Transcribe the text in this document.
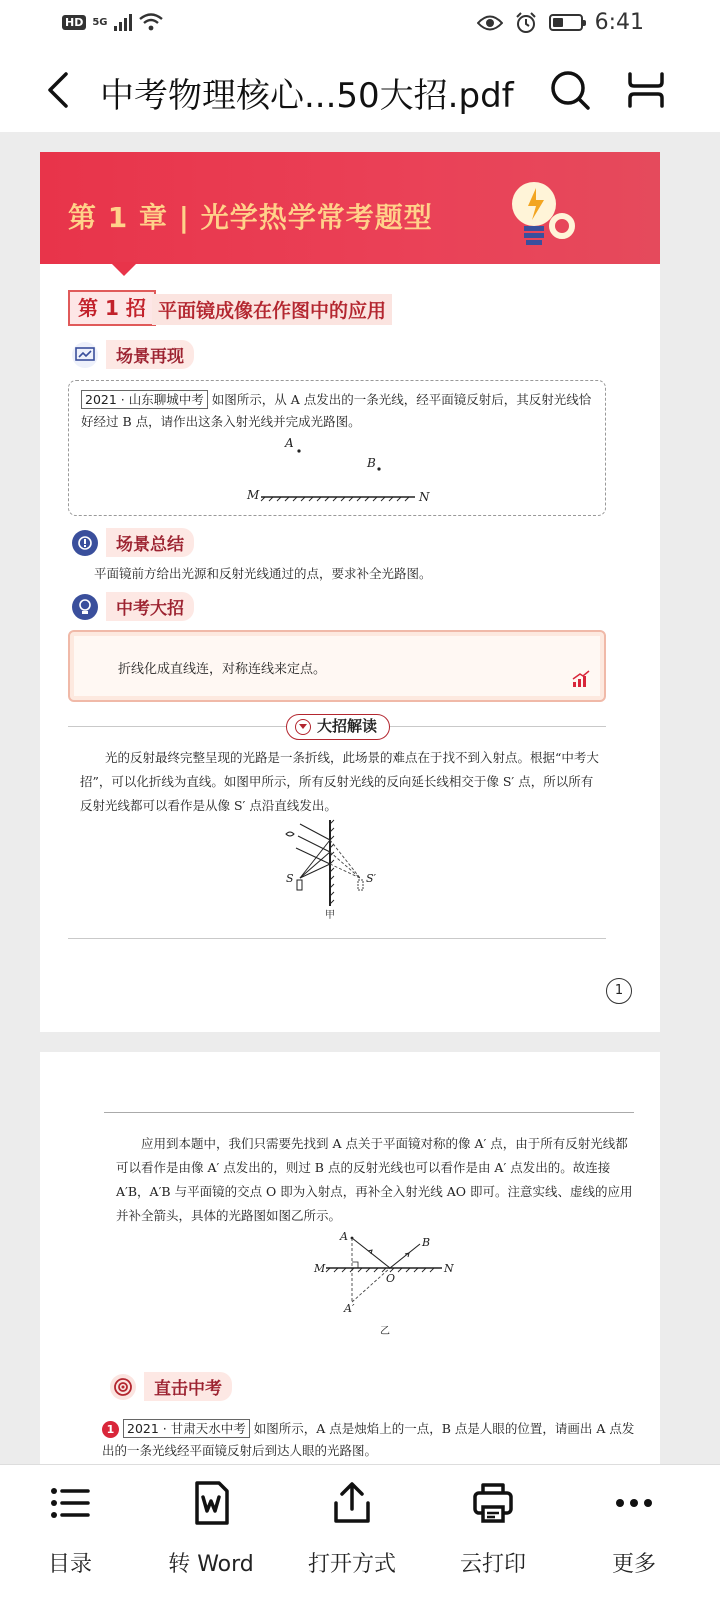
HD 5G	6:41
中考物理核心...50大招.pdf
第 1 章 | 光学热学常考题型
第 1 招 平面镜成像在作图中的应用
场景再现
2021 · 山东聊城中考 如图所示，从 A 点发出的一条光线，经平面镜反射后，其反射光线恰好经过 B 点，请作出这条入射光线并完成光路图。
A
B
M	N
场景总结
平面镜前方给出光源和反射光线通过的点，要求补全光路图。
中考大招
折线化成直线连，对称连线来定点。
大招解读
光的反射最终完整呈现的光路是一条折线，此场景的难点在于找不到入射点。根据“中考大招”，可以化折线为直线。如图甲所示，所有反射光线的反向延长线相交于像 S′ 点，所以所有反射光线都可以看作是从像 S′ 点沿直线发出。
S	S′
甲
1
应用到本题中，我们只需要先找到 A 点关于平面镜对称的像 A′ 点，由于所有反射光线都可以看作是由像 A′ 点发出的，则过 B 点的反射光线也可以看作是由 A′ 点发出的。故连接 A′B，A′B 与平面镜的交点 O 即为入射点，再补全入射光线 AO 即可。注意实线、虚线的应用并补全箭头，具体的光路图如图乙所示。
A	B
M	N
O
A′
乙
直击中考
1 2021 · 甘肃天水中考 如图所示，A 点是烛焰上的一点，B 点是人眼的位置，请画出 A 点发出的一条光线经平面镜反射后到达人眼的光路图。
目录	转 Word	打开方式	云打印	更多
